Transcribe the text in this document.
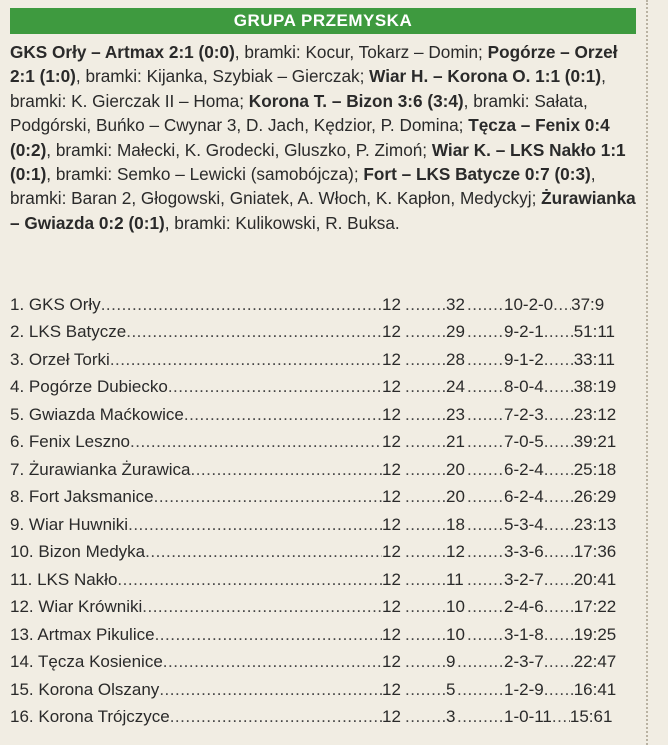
GRUPA PRZEMYSKA
GKS Orły – Artmax 2:1 (0:0), bramki: Kocur, Tokarz – Domin; Pogórze – Orzeł 2:1 (1:0), bramki: Kijanka, Szybiak – Gierczak; Wiar H. – Korona O. 1:1 (0:1), bramki: K. Gierczak II – Homa; Korona T. – Bizon 3:6 (3:4), bramki: Sałata, Podgórski, Buńko – Cwynar 3, D. Jach, Kędzior, P. Domina; Tęcza – Fenix 0:4 (0:2), bramki: Małecki, K. Grodecki, Gluszko, P. Zimoń; Wiar K. – LKS Nakło 1:1 (0:1), bramki: Semko – Lewicki (samobójcza); Fort – LKS Batycze 0:7 (0:3), bramki: Baran 2, Głogowski, Gniatek, A. Włoch, K. Kapłon, Medyckyj; Żurawianka – Gwiazda 0:2 (0:1), bramki: Kulikowski, R. Buksa.
1. GKS Orły .....	12 .....	32 ..... 10-2-0 ..... 37:9
2. LKS Batycze .....	12 .....	29 ..... 9-2-1 ..... 51:11
3. Orzeł Torki .....	12 .....	28 ..... 9-1-2 ..... 33:11
4. Pogórze Dubiecko .....	12 .....	24 ..... 8-0-4 ..... 38:19
5. Gwiazda Maćkowice .....	12 .....	23 ..... 7-2-3 ..... 23:12
6. Fenix Leszno .....	12 .....	21 ..... 7-0-5 ..... 39:21
7. Żurawianka Żurawica .....	12 .....	20 ..... 6-2-4 ..... 25:18
8. Fort Jaksmanice .....	12 .....	20 ..... 6-2-4 ..... 26:29
9. Wiar Huwniki .....	12 .....	18 ..... 5-3-4 ..... 23:13
10. Bizon Medyka .....	12 .....	12 ..... 3-3-6 ..... 17:36
11. LKS Nakło .....	12 .....	11 ..... 3-2-7 ..... 20:41
12. Wiar Krówniki .....	12 .....	10 ..... 2-4-6 ..... 17:22
13. Artmax Pikulice .....	12 .....	10 ..... 3-1-8 ..... 19:25
14. Tęcza Kosienice .....	12 .....	9 .....	2-3-7 ..... 22:47
15. Korona Olszany .....	12 .....	5 .....	1-2-9 ..... 16:41
16. Korona Trójczyce .....	12 .....	3 .....	1-0-11 ..... 15:61
